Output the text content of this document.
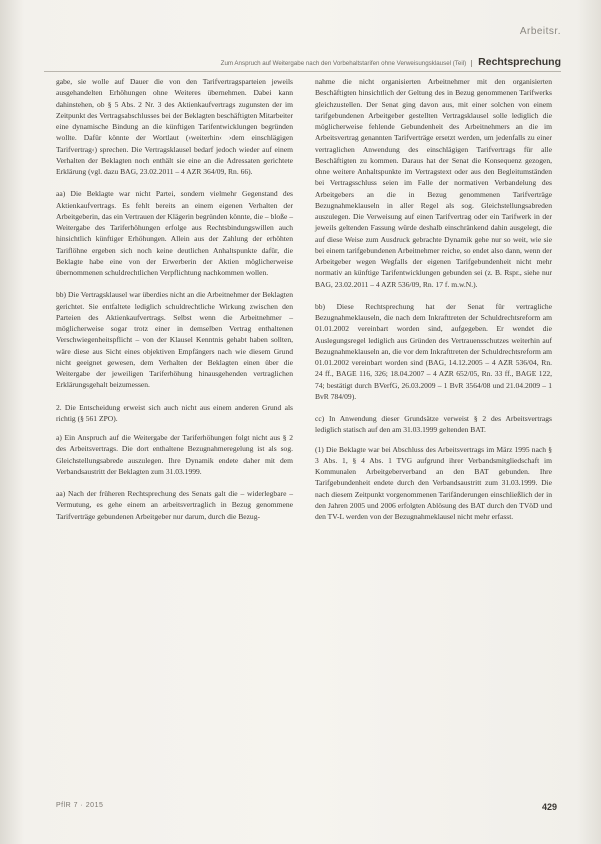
Arbeitsr.
Zum Anspruch auf Weitergabe nach den Vorbehaltstarifen ohne Verweisungsklausel (Teil)	Rechtsprechung

gabe, sie wolle auf Dauer die von den Tarifvertragsparteien jeweils ausgehandelten Erhöhungen ohne Weiteres übernehmen. Dabei kann dahinstehen, ob § 5 Abs. 2 Nr. 3 des Aktienkaufvertrags zugunsten der im Zeitpunkt des Vertragsabschlusses bei der Beklagten beschäftigten Mitarbeiter eine dynamische Bindung an die künftigen Tarifentwicklungen begründen wollte. Dafür könnte der Wortlaut (›weiterhin‹ ›dem einschlägigen Tarifvertrag‹) sprechen. Die Vertragsklausel bedarf jedoch wieder auf einem Verhalten der Beklagten noch enthält sie eine an die Adressaten gerichtete Erklärung (vgl. dazu BAG, 23.02.2011 – 4 AZR 364/09, Rn. 66).

aa) Die Beklagte war nicht Partei, sondern vielmehr Gegenstand des Aktienkaufvertrags. Es fehlt bereits an einem eigenen Verhalten der Arbeitgeberin, das ein Vertrauen der Klägerin begründen könnte, die – bloße – Weitergabe des Tariferhöhungen erfolge aus Rechtsbindungswillen auch hinsichtlich künftiger Erhöhungen. Allein aus der Zahlung der erhöhten Tariflöhne ergeben sich noch keine deutlichen Anhaltspunkte dafür, die Beklagte habe eine von der Erwerberin der Aktien möglicherweise übernommenen schuldrechtlichen Verpflichtung nachkommen wollen.

bb) Die Vertragsklausel war überdies nicht an die Arbeitnehmer der Beklagten gerichtet. Sie entfaltete lediglich schuldrechtliche Wirkung zwischen den Parteien des Aktienkaufvertrags. Selbst wenn die Arbeitnehmer – möglicherweise sogar trotz einer in demselben Vertrag enthaltenen Verschwiegenheitspflicht – von der Klausel Kenntnis gehabt haben sollten, wäre diese aus Sicht eines objektiven Empfängers nach wie diesem Grund nicht geeignet gewesen, dem Verhalten der Beklagten einen über die Weitergabe der jeweiligen Tariferhöhung hinausgehenden vertraglichen Erklärungsgehalt beizumessen.

2. Die Entscheidung erweist sich auch nicht aus einem anderen Grund als richtig (§ 561 ZPO).

a) Ein Anspruch auf die Weitergabe der Tariferhöhungen folgt nicht aus § 2 des Arbeitsvertrags. Die dort enthaltene Bezugnahmeregelung ist als sog. Gleichstellungsabrede auszulegen. Ihre Dynamik endete daher mit dem Verbandsaustritt der Beklagten zum 31.03.1999.

aa) Nach der früheren Rechtsprechung des Senats galt die – widerlegbare – Vermutung, es gehe einem an arbeitsvertraglich in Bezug genommene Tarifverträge gebundenen Arbeitgeber nur darum, durch die Bezug-

nahme die nicht organisierten Arbeitnehmer mit den organisierten Beschäftigten hinsichtlich der Geltung des in Bezug genommenen Tarifwerks gleichzustellen. Der Senat ging davon aus, mit einer solchen von einem tarifgebundenen Arbeitgeber gestellten Vertragsklausel solle lediglich die möglicherweise fehlende Gebundenheit des Arbeitnehmers an die im Arbeitsvertrag genannten Tarifverträge ersetzt werden, um jedenfalls zu einer vertraglichen Anwendung des einschlägigen Tarifvertrags für alle Beschäftigten zu kommen. Daraus hat der Senat die Konsequenz gezogen, ohne weitere Anhaltspunkte im Vertragstext oder aus den Begleitumständen bei Vertragsschluss seien im Falle der normativen Verbandelung des Arbeitgebers an die in Bezug genommenen Tarifverträge Bezugnahmeklauseln in aller Regel als sog. Gleichstellungsabreden auszulegen. Die Verweisung auf einen Tarifvertrag oder ein Tarifwerk in der jeweils geltenden Fassung würde deshalb einschränkend dahin ausgelegt, die auf diese Weise zum Ausdruck gebrachte Dynamik gehe nur so weit, wie sie bei einem tarifgebundenen Arbeitnehmer reiche, so endet also dann, wenn der Arbeitgeber wegen Wegfalls der eigenen Tarifgebundenheit nicht mehr normativ an künftige Tarifentwicklungen gebunden sei (z. B. Rspr., siehe nur BAG, 23.02.2011 – 4 AZR 536/09, Rn. 17 f. m.w.N.).

bb) Diese Rechtsprechung hat der Senat für vertragliche Bezugnahmeklauseln, die nach dem Inkrafttreten der Schuldrechtsreform am 01.01.2002 vereinbart worden sind, aufgegeben. Er wendet die Auslegungsregel lediglich aus Gründen des Vertrauensschutzes weiterhin auf Bezugnahmeklauseln an, die vor dem Inkrafttreten der Schuldrechtsreform am 01.01.2002 vereinbart worden sind (BAG, 14.12.2005 – 4 AZR 536/04, Rn. 24 ff., BAGE 116, 326; 18.04.2007 – 4 AZR 652/05, Rn. 33 ff., BAGE 122, 74; bestätigt durch BVerfG, 26.03.2009 – 1 BvR 3564/08 und 21.04.2009 – 1 BvR 784/09).

cc) In Anwendung dieser Grundsätze verweist § 2 des Arbeitsvertrags lediglich statisch auf den am 31.03.1999 geltenden BAT.

(1) Die Beklagte war bei Abschluss des Arbeitsvertrags im März 1995 nach § 3 Abs. 1, § 4 Abs. 1 TVG aufgrund ihrer Verbandsmitgliedschaft im Kommunalen Arbeitgeberverband an den BAT gebunden. Ihre Tarifgebundenheit endete durch den Verbandsaustritt zum 31.03.1999. Die nach diesem Zeitpunkt vorgenommenen Tarifänderungen einschließlich der in den Jahren 2005 und 2006 erfolgten Ablösung des BAT durch den TVöD und den TV-L werden von der Bezugnahmeklausel nicht mehr erfasst.

PflR 7 · 2015	429
